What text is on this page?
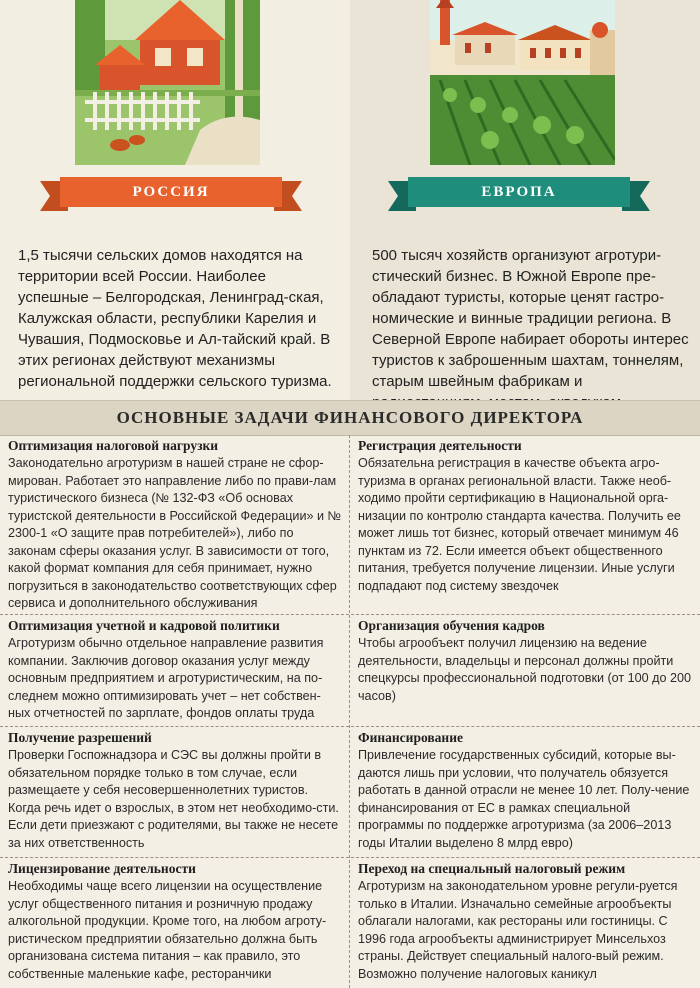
РОССИЯ	ЕВРОПА

1,5 тысячи сельских домов находятся на территории всей России. Наиболее успешные – Белгородская, Ленинград-ская, Калужская области, республики Карелия и Чувашия, Подмосковье и Ал-тайский край. В этих регионах действуют механизмы региональной поддержки сельского туризма.

500 тысяч хозяйств организуют агротури-стический бизнес. В Южной Европе пре-обладают туристы, которые ценят гастро-номические и винные традиции региона. В Северной Европе набирает обороты интерес туристов к заброшенным шахтам, тоннелям, старым швейным фабрикам и

ОСНОВНЫЕ ЗАДАЧИ ФИНАНСОВОГО ДИРЕКТОРА
Оптимизация налоговой нагрузки

Законодательно агротуризм в нашей стране не сфор-мирован. Работает это направление либо по прави-лам туристического бизнеса (№ 132-ФЗ «Об основах туристской деятельности в Российской Федерации» и № 2300-1 «О защите прав потребителей»), либо по законам сферы оказания услуг. В зависимости от того, какой формат компания для себя принимает, нужно погрузиться в законодательство соответствующих сфер сервиса и дополнительного обслуживания

Регистрация деятельности

Обязательна регистрация в качестве объекта агро-туризма в органах региональной власти. Также необ-ходимо пройти сертификацию в Национальной орга-низации по контролю стандарта качества. Получить ее может лишь тот бизнес, который отвечает минимум 46 пунктам из 72. Если имеется объект общественного питания, требуется получение лицензии. Иные услуги подпадают под систему звездочек

Оптимизация учетной и кадровой политики

Агротуризм обычно отдельное направление развития компании. Заключив договор оказания услуг между основным предприятием и агротуристическим, на по-следнем можно оптимизировать учет – нет собствен-ных отчетностей по зарплате, фондов оплаты труда

Организация обучения кадров

Чтобы агрообъект получил лицензию на ведение деятельности, владельцы и персонал должны пройти спецкурсы профессиональной подготовки (от 100 до 200 часов)

Получение разрешений

Проверки Госпожнадзора и СЭС вы должны пройти в обязательном порядке только в том случае, если размещаете у себя несовершеннолетних туристов. Когда речь идет о взрослых, в этом нет необходимо-сти. Если дети приезжают с родителями, вы также не несете за них ответственность

Финансирование

Привлечение государственных субсидий, которые вы-даются лишь при условии, что получатель обязуется работать в данной отрасли не менее 10 лет. Полу-чение финансирования от ЕС в рамках специальной программы по поддержке агротуризма (за 2006–2013 годы Италии выделено 8 млрд евро)

Лицензирование деятельности

Необходимы чаще всего лицензии на осуществление услуг общественного питания и розничную продажу алкогольной продукции. Кроме того, на любом агроту-ристическом предприятии обязательно должна быть организована система питания – как правило, это собственные маленькие кафе, ресторанчики

Переход на специальный налоговый режим

Агротуризм на законодательном уровне регули-руется только в Италии. Изначально семейные агрообъекты облагали налогами, как рестораны или гостиницы. С 1996 года агрообъекты администрирует Минсельхоз страны. Действует специальный налого-вый режим. Возможно получение налоговых каникул
